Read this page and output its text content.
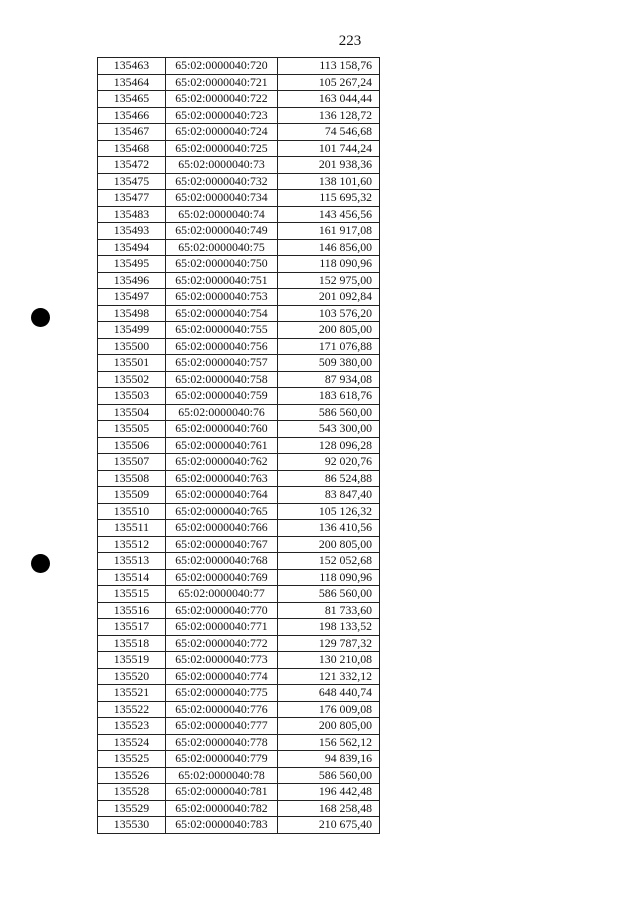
223
135463	65:02:0000040:720	113 158,76
135464	65:02:0000040:721	105 267,24
135465	65:02:0000040:722	163 044,44
135466	65:02:0000040:723	136 128,72
135467	65:02:0000040:724	74 546,68
135468	65:02:0000040:725	101 744,24
135472	65:02:0000040:73	201 938,36
135475	65:02:0000040:732	138 101,60
135477	65:02:0000040:734	115 695,32
135483	65:02:0000040:74	143 456,56
135493	65:02:0000040:749	161 917,08
135494	65:02:0000040:75	146 856,00
135495	65:02:0000040:750	118 090,96
135496	65:02:0000040:751	152 975,00
135497	65:02:0000040:753	201 092,84
135498	65:02:0000040:754	103 576,20
135499	65:02:0000040:755	200 805,00
135500	65:02:0000040:756	171 076,88
135501	65:02:0000040:757	509 380,00
135502	65:02:0000040:758	87 934,08
135503	65:02:0000040:759	183 618,76
135504	65:02:0000040:76	586 560,00
135505	65:02:0000040:760	543 300,00
135506	65:02:0000040:761	128 096,28
135507	65:02:0000040:762	92 020,76
135508	65:02:0000040:763	86 524,88
135509	65:02:0000040:764	83 847,40
135510	65:02:0000040:765	105 126,32
135511	65:02:0000040:766	136 410,56
135512	65:02:0000040:767	200 805,00
135513	65:02:0000040:768	152 052,68
135514	65:02:0000040:769	118 090,96
135515	65:02:0000040:77	586 560,00
135516	65:02:0000040:770	81 733,60
135517	65:02:0000040:771	198 133,52
135518	65:02:0000040:772	129 787,32
135519	65:02:0000040:773	130 210,08
135520	65:02:0000040:774	121 332,12
135521	65:02:0000040:775	648 440,74
135522	65:02:0000040:776	176 009,08
135523	65:02:0000040:777	200 805,00
135524	65:02:0000040:778	156 562,12
135525	65:02:0000040:779	94 839,16
135526	65:02:0000040:78	586 560,00
135528	65:02:0000040:781	196 442,48
135529	65:02:0000040:782	168 258,48
135530	65:02:0000040:783	210 675,40
